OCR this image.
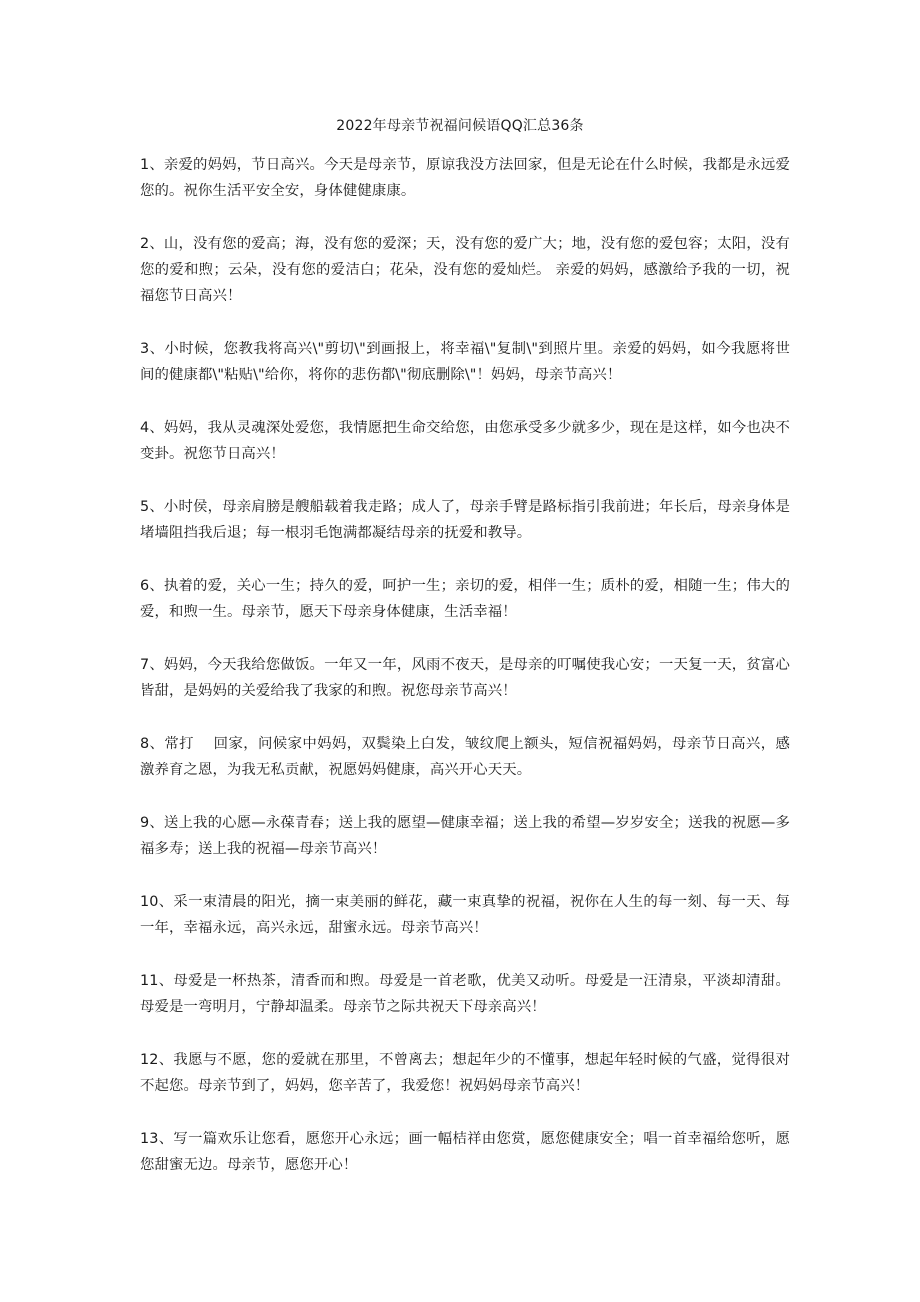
2022年母亲节祝福问候语QQ汇总36条

1、亲爱的妈妈，节日高兴。今天是母亲节，原谅我没方法回家，但是无论在什么时候，我都是永远爱您的。祝你生活平安全安，身体健健康康。

2、山，没有您的爱高；海，没有您的爱深；天，没有您的爱广大；地，没有您的爱包容；太阳，没有您的爱和煦；云朵，没有您的爱洁白；花朵，没有您的爱灿烂。 亲爱的妈妈，感激给予我的一切，祝福您节日高兴！

3、小时候，您教我将高兴\"剪切\"到画报上，将幸福\"复制\"到照片里。亲爱的妈妈，如今我愿将世间的健康都\"粘贴\"给你，将你的悲伤都\"彻底删除\"！妈妈，母亲节高兴！

4、妈妈，我从灵魂深处爱您，我情愿把生命交给您，由您承受多少就多少，现在是这样，如今也决不变卦。祝您节日高兴！

5、小时侯，母亲肩膀是艘船载着我走路；成人了，母亲手臂是路标指引我前进；年长后，母亲身体是堵墙阻挡我后退；每一根羽毛饱满都凝结母亲的抚爱和教导。

6、执着的爱，关心一生；持久的爱，呵护一生；亲切的爱，相伴一生；质朴的爱，相随一生；伟大的爱，和煦一生。母亲节，愿天下母亲身体健康，生活幸福！

7、妈妈，今天我给您做饭。一年又一年，风雨不夜天，是母亲的叮嘱使我心安；一天复一天，贫富心皆甜，是妈妈的关爱给我了我家的和煦。祝您母亲节高兴！

8、常打　 回家，问候家中妈妈，双鬓染上白发，皱纹爬上额头，短信祝福妈妈，母亲节日高兴，感激养育之恩，为我无私贡献，祝愿妈妈健康，高兴开心天天。

9、送上我的心愿—永葆青春；送上我的愿望—健康幸福；送上我的希望—岁岁安全；送我的祝愿—多福多寿；送上我的祝福—母亲节高兴！

10、采一束清晨的阳光，摘一束美丽的鲜花，藏一束真挚的祝福，祝你在人生的每一刻、每一天、每一年，幸福永远，高兴永远，甜蜜永远。母亲节高兴！

11、母爱是一杯热茶，清香而和煦。母爱是一首老歌，优美又动听。母爱是一汪清泉，平淡却清甜。母爱是一弯明月，宁静却温柔。母亲节之际共祝天下母亲高兴！

12、我愿与不愿，您的爱就在那里，不曾离去；想起年少的不懂事，想起年轻时候的气盛，觉得很对不起您。母亲节到了，妈妈，您辛苦了，我爱您！祝妈妈母亲节高兴！

13、写一篇欢乐让您看，愿您开心永远；画一幅桔祥由您赏，愿您健康安全；唱一首幸福给您听，愿您甜蜜无边。母亲节，愿您开心！
